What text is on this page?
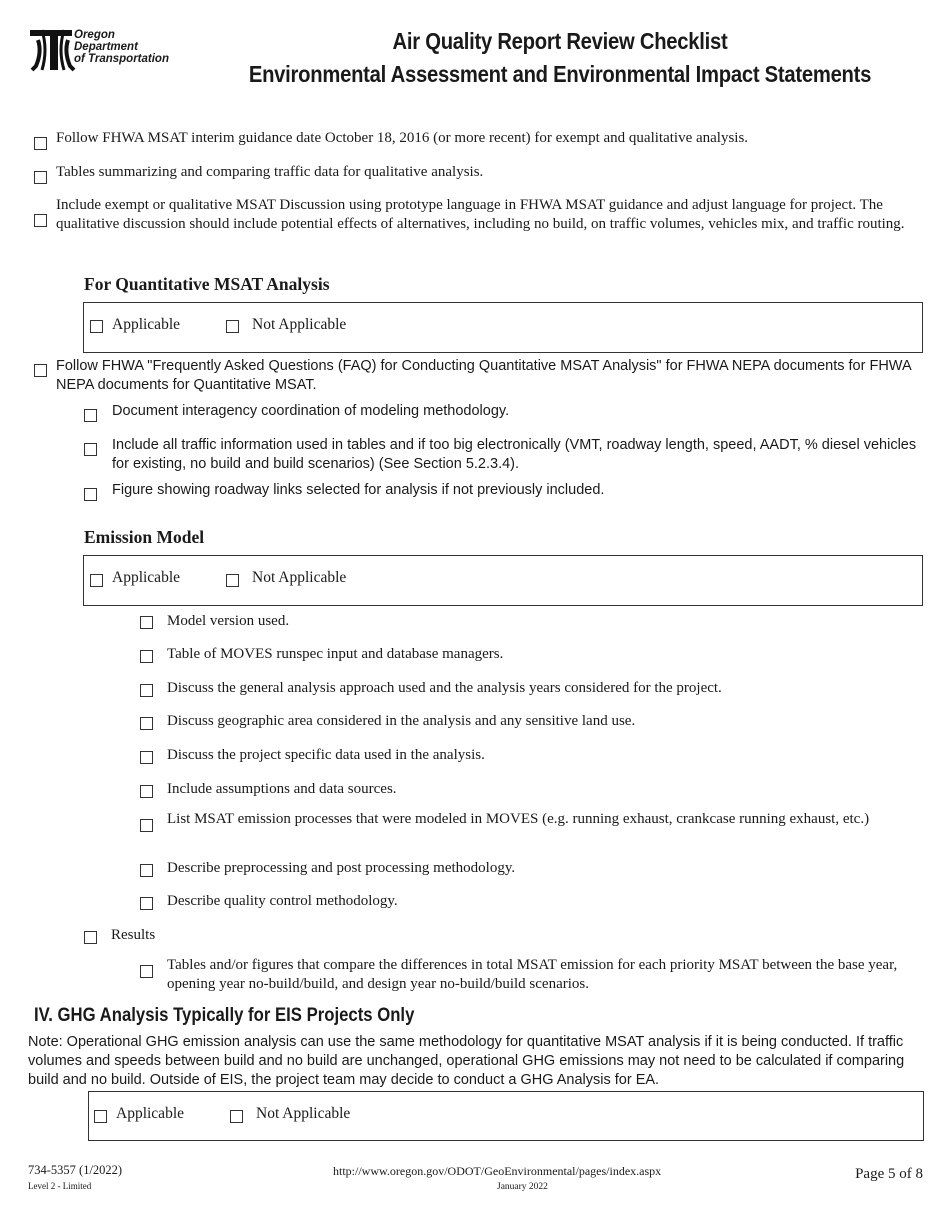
Oregon
Department
of Transportation
Air Quality Report Review Checklist
Environmental Assessment and Environmental Impact Statements
Follow FHWA MSAT interim guidance date October 18, 2016 (or more recent) for exempt and qualitative analysis.
Tables summarizing and comparing traffic data for qualitative analysis.
Include exempt or qualitative MSAT Discussion using prototype language in FHWA MSAT guidance and adjust language for project. The qualitative discussion should include potential effects of alternatives, including no build, on traffic volumes, vehicles mix, and traffic routing.
For Quantitative MSAT Analysis
Applicable	Not Applicable
Follow FHWA "Frequently Asked Questions (FAQ) for Conducting Quantitative MSAT Analysis" for FHWA NEPA documents for FHWA NEPA documents for Quantitative MSAT.
Document interagency coordination of modeling methodology.
Include all traffic information used in tables and if too big electronically (VMT, roadway length, speed, AADT, % diesel vehicles for existing, no build and build scenarios) (See Section 5.2.3.4).
Figure showing roadway links selected for analysis if not previously included.
Emission Model
Applicable	Not Applicable
Model version used.
Table of MOVES runspec input and database managers.
Discuss the general analysis approach used and the analysis years considered for the project.
Discuss geographic area considered in the analysis and any sensitive land use.
Discuss the project specific data used in the analysis.
Include assumptions and data sources.
List MSAT emission processes that were modeled in MOVES (e.g. running exhaust, crankcase running exhaust, etc.)
Describe preprocessing and post processing methodology.
Describe quality control methodology.
Results
Tables and/or figures that compare the differences in total MSAT emission for each priority MSAT between the base year, opening year no-build/build, and design year no-build/build scenarios.
IV. GHG Analysis Typically for EIS Projects Only
Note: Operational GHG emission analysis can use the same methodology for quantitative MSAT analysis if it is being conducted. If traffic volumes and speeds between build and no build are unchanged, operational GHG emissions may not need to be calculated if comparing build and no build. Outside of EIS, the project team may decide to conduct a GHG Analysis for EA.
Applicable	Not Applicable
734-5357 (1/2022)
Level 2 - Limited
http://www.oregon.gov/ODOT/GeoEnvironmental/pages/index.aspx
January 2022
Page 5 of 8
